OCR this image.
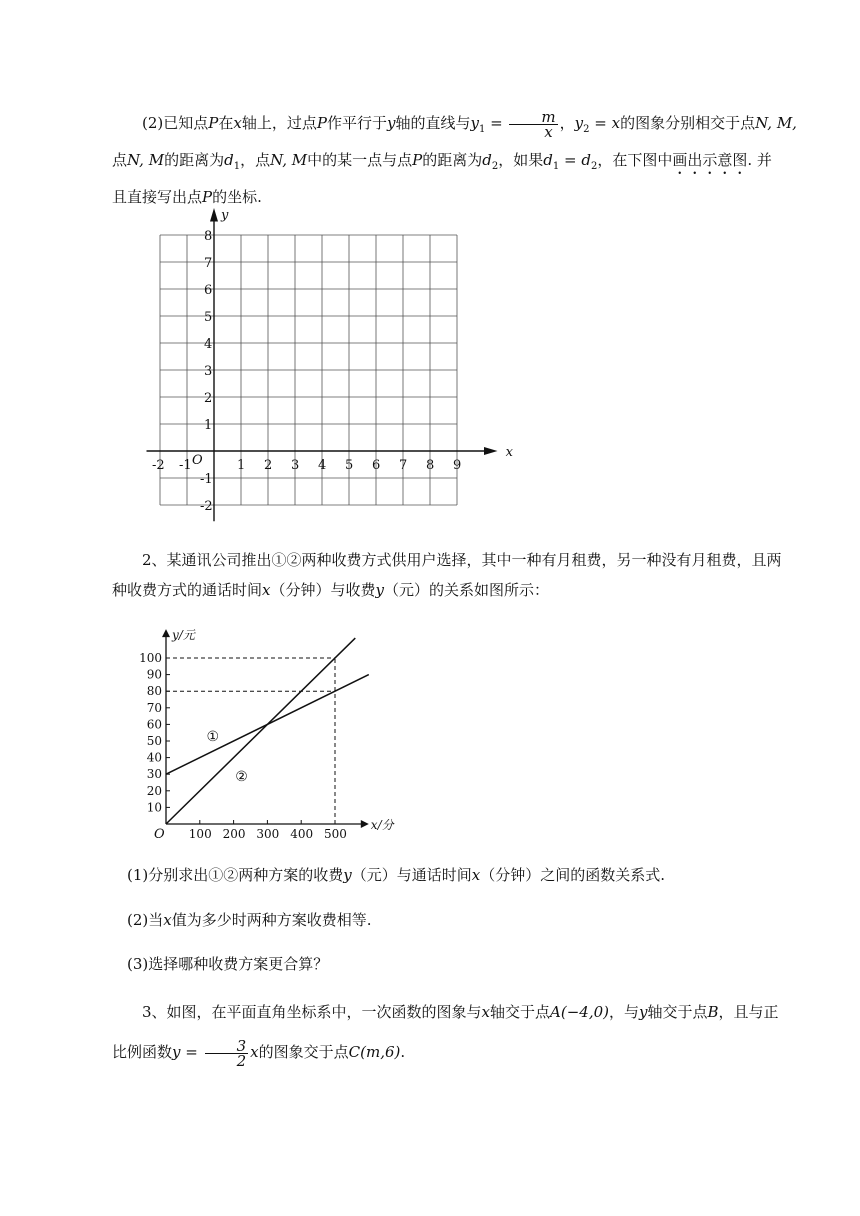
(2)已知点P在x轴上，过点P作平行于y轴的直线与$y_1 = \frac{m}{x}$ ，$y_2 = x$的图象分别相交于点N, M,
点N, M的距离为$d_1$，点N, M中的某一点与点P的距离为$d_2$，如果$d_1 = d_2$，在下图中画出示意图. 并
且直接写出点P的坐标.
x
y
O
-2 -1	1 2 3 4 5 6 7 8 9
8
7
6
5
4
3
2
1
-1
-2
2、某通讯公司推出①②两种收费方式供用户选择，其中一种有月租费，另一种没有月租费，且两
种收费方式的通话时间x（分钟）与收费y（元）的关系如图所示：
100 200 300 400 500
10
20
30
40
50
60
70
80
90
100
①
②
x/分
y/元
O
(1)分别求出①②两种方案的收费y（元）与通话时间x（分钟）之间的函数关系式.
(2)当x值为多少时两种方案收费相等.
(3)选择哪种收费方案更合算？
3、如图，在平面直角坐标系中，一次函数的图象与x轴交于点A(−4,0)，与y轴交于点B，且与正
比例函数$y = \frac{3}{2}$ x的图象交于点C(m,6).
